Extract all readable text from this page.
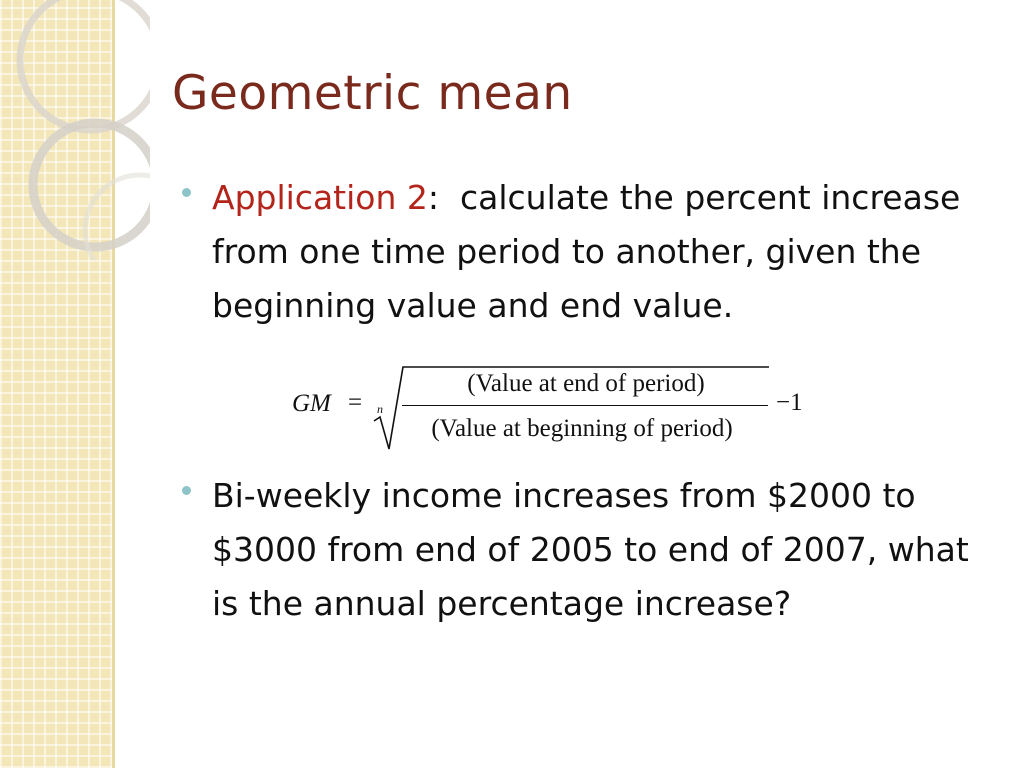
Geometric mean
Application 2:  calculate the percent increase from one time period to another, given the beginning value and end value.
GM = n
(Value at end of period)
(Value at beginning of period)
−1
Bi-weekly income increases from $2000 to $3000 from end of 2005 to end of 2007, what is the annual percentage increase?
